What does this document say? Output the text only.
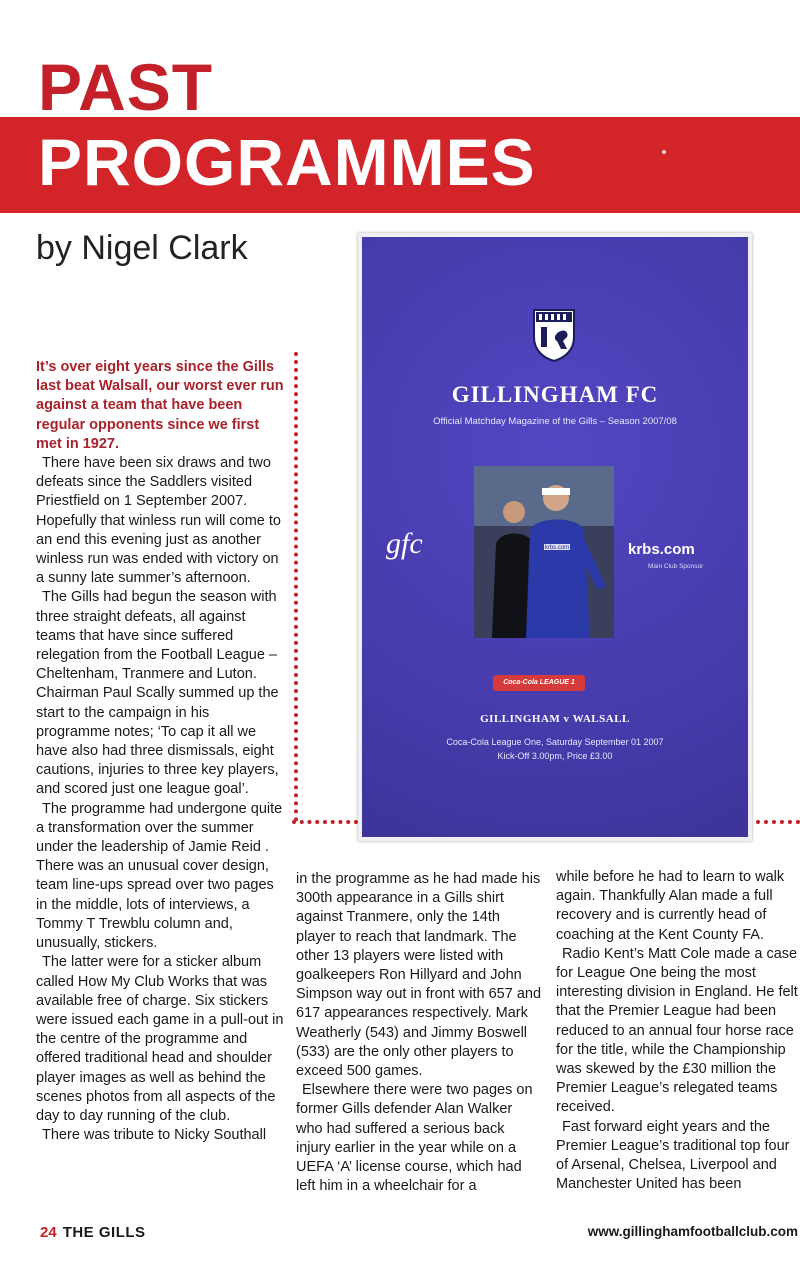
PAST
PROGRAMMES
by Nigel Clark
GILLINGHAM FC
Official Matchday Magazine of the Gills – Season 2007/08
gfc	krbs.com	krbs.com
Main Club Sponsor
Coca-Cola LEAGUE 1
GILLINGHAM v WALSALL
Coca-Cola League One, Saturday September 01 2007
Kick-Off 3.00pm, Price £3.00

It’s over eight years since the Gills last beat Walsall, our worst ever run against a team that have been regular opponents since we first met in 1927.

There have been six draws and two defeats since the Saddlers visited Priestfield on 1 September 2007. Hopefully that winless run will come to an end this evening just as another winless run was ended with victory on a sunny late summer’s afternoon.

The Gills had begun the season with three straight defeats, all against teams that have since suffered relegation from the Football League – Cheltenham, Tranmere and Luton. Chairman Paul Scally summed up the start to the campaign in his programme notes; ‘To cap it all we have also had three dismissals, eight cautions, injuries to three key players, and scored just one league goal’.

The programme had undergone quite a transformation over the summer under the leadership of Jamie Reid . There was an unusual cover design, team line-ups spread over two pages in the middle, lots of interviews, a Tommy T Trewblu column and, unusually, stickers.

The latter were for a sticker album called How My Club Works that was available free of charge. Six stickers were issued each game in a pull-out in the centre of the programme and offered traditional head and shoulder player images as well as behind the scenes photos from all aspects of the day to day running of the club.

There was tribute to Nicky Southall

in the programme as he had made his 300th appearance in a Gills shirt against Tranmere, only the 14th player to reach that landmark. The other 13 players were listed with goalkeepers Ron Hillyard and John Simpson way out in front with 657 and 617 appearances respectively. Mark Weatherly (543) and Jimmy Boswell (533) are the only other players to exceed 500 games.

Elsewhere there were two pages on former Gills defender Alan Walker who had suffered a serious back injury earlier in the year while on a UEFA ‘A’ license course, which had left him in a wheelchair for a

while before he had to learn to walk again. Thankfully Alan made a full recovery and is currently head of coaching at the Kent County FA.

Radio Kent’s Matt Cole made a case for League One being the most interesting division in England. He felt that the Premier League had been reduced to an annual four horse race for the title, while the Championship was skewed by the £30 million the Premier League’s relegated teams received.

Fast forward eight years and the Premier League’s traditional top four of Arsenal, Chelsea, Liverpool and Manchester United has been

24 THE GILLS	www.gillinghamfootballclub.com
